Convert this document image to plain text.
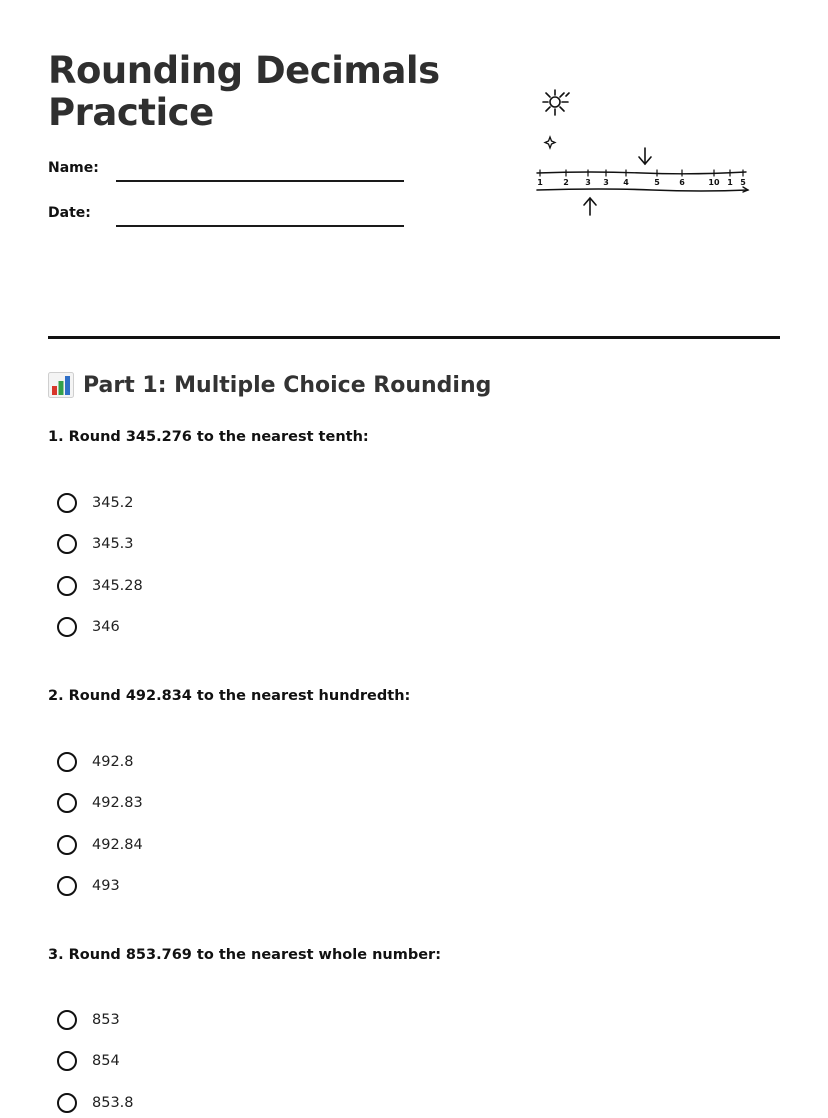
Rounding Decimals Practice
Name:
Date:
1	2 3 3 4	5 6	10 1 5
Part 1: Multiple Choice Rounding

1. Round 345.276 to the nearest tenth:

345.2
345.3
345.28
346

2. Round 492.834 to the nearest hundredth:

492.8
492.83
492.84
493

3. Round 853.769 to the nearest whole number:

853
854
853.8
